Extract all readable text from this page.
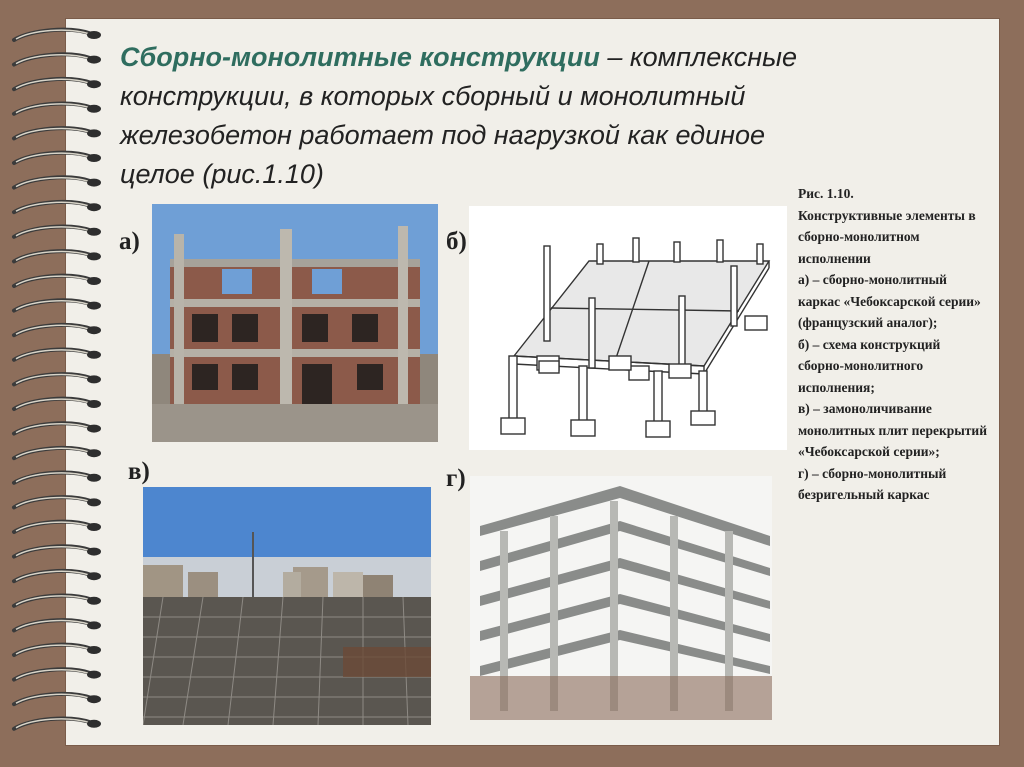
Сборно-монолитные конструкции – комплексные конструкции, в которых сборный и монолитный железобетон работает под нагрузкой как единое целое (рис.1.10)

а)	б)
в)	г)
Рис. 1.10.
Конструктивные элементы в сборно-монолитном исполнении
а) – сборно-монолитный каркас «Чебоксарской серии» (французский аналог);
б) – схема конструкций сборно-монолитного исполнения;
в) – замоноличивание монолитных плит перекрытий «Чебоксарской серии»;
г) – сборно-монолитный безригельный каркас
